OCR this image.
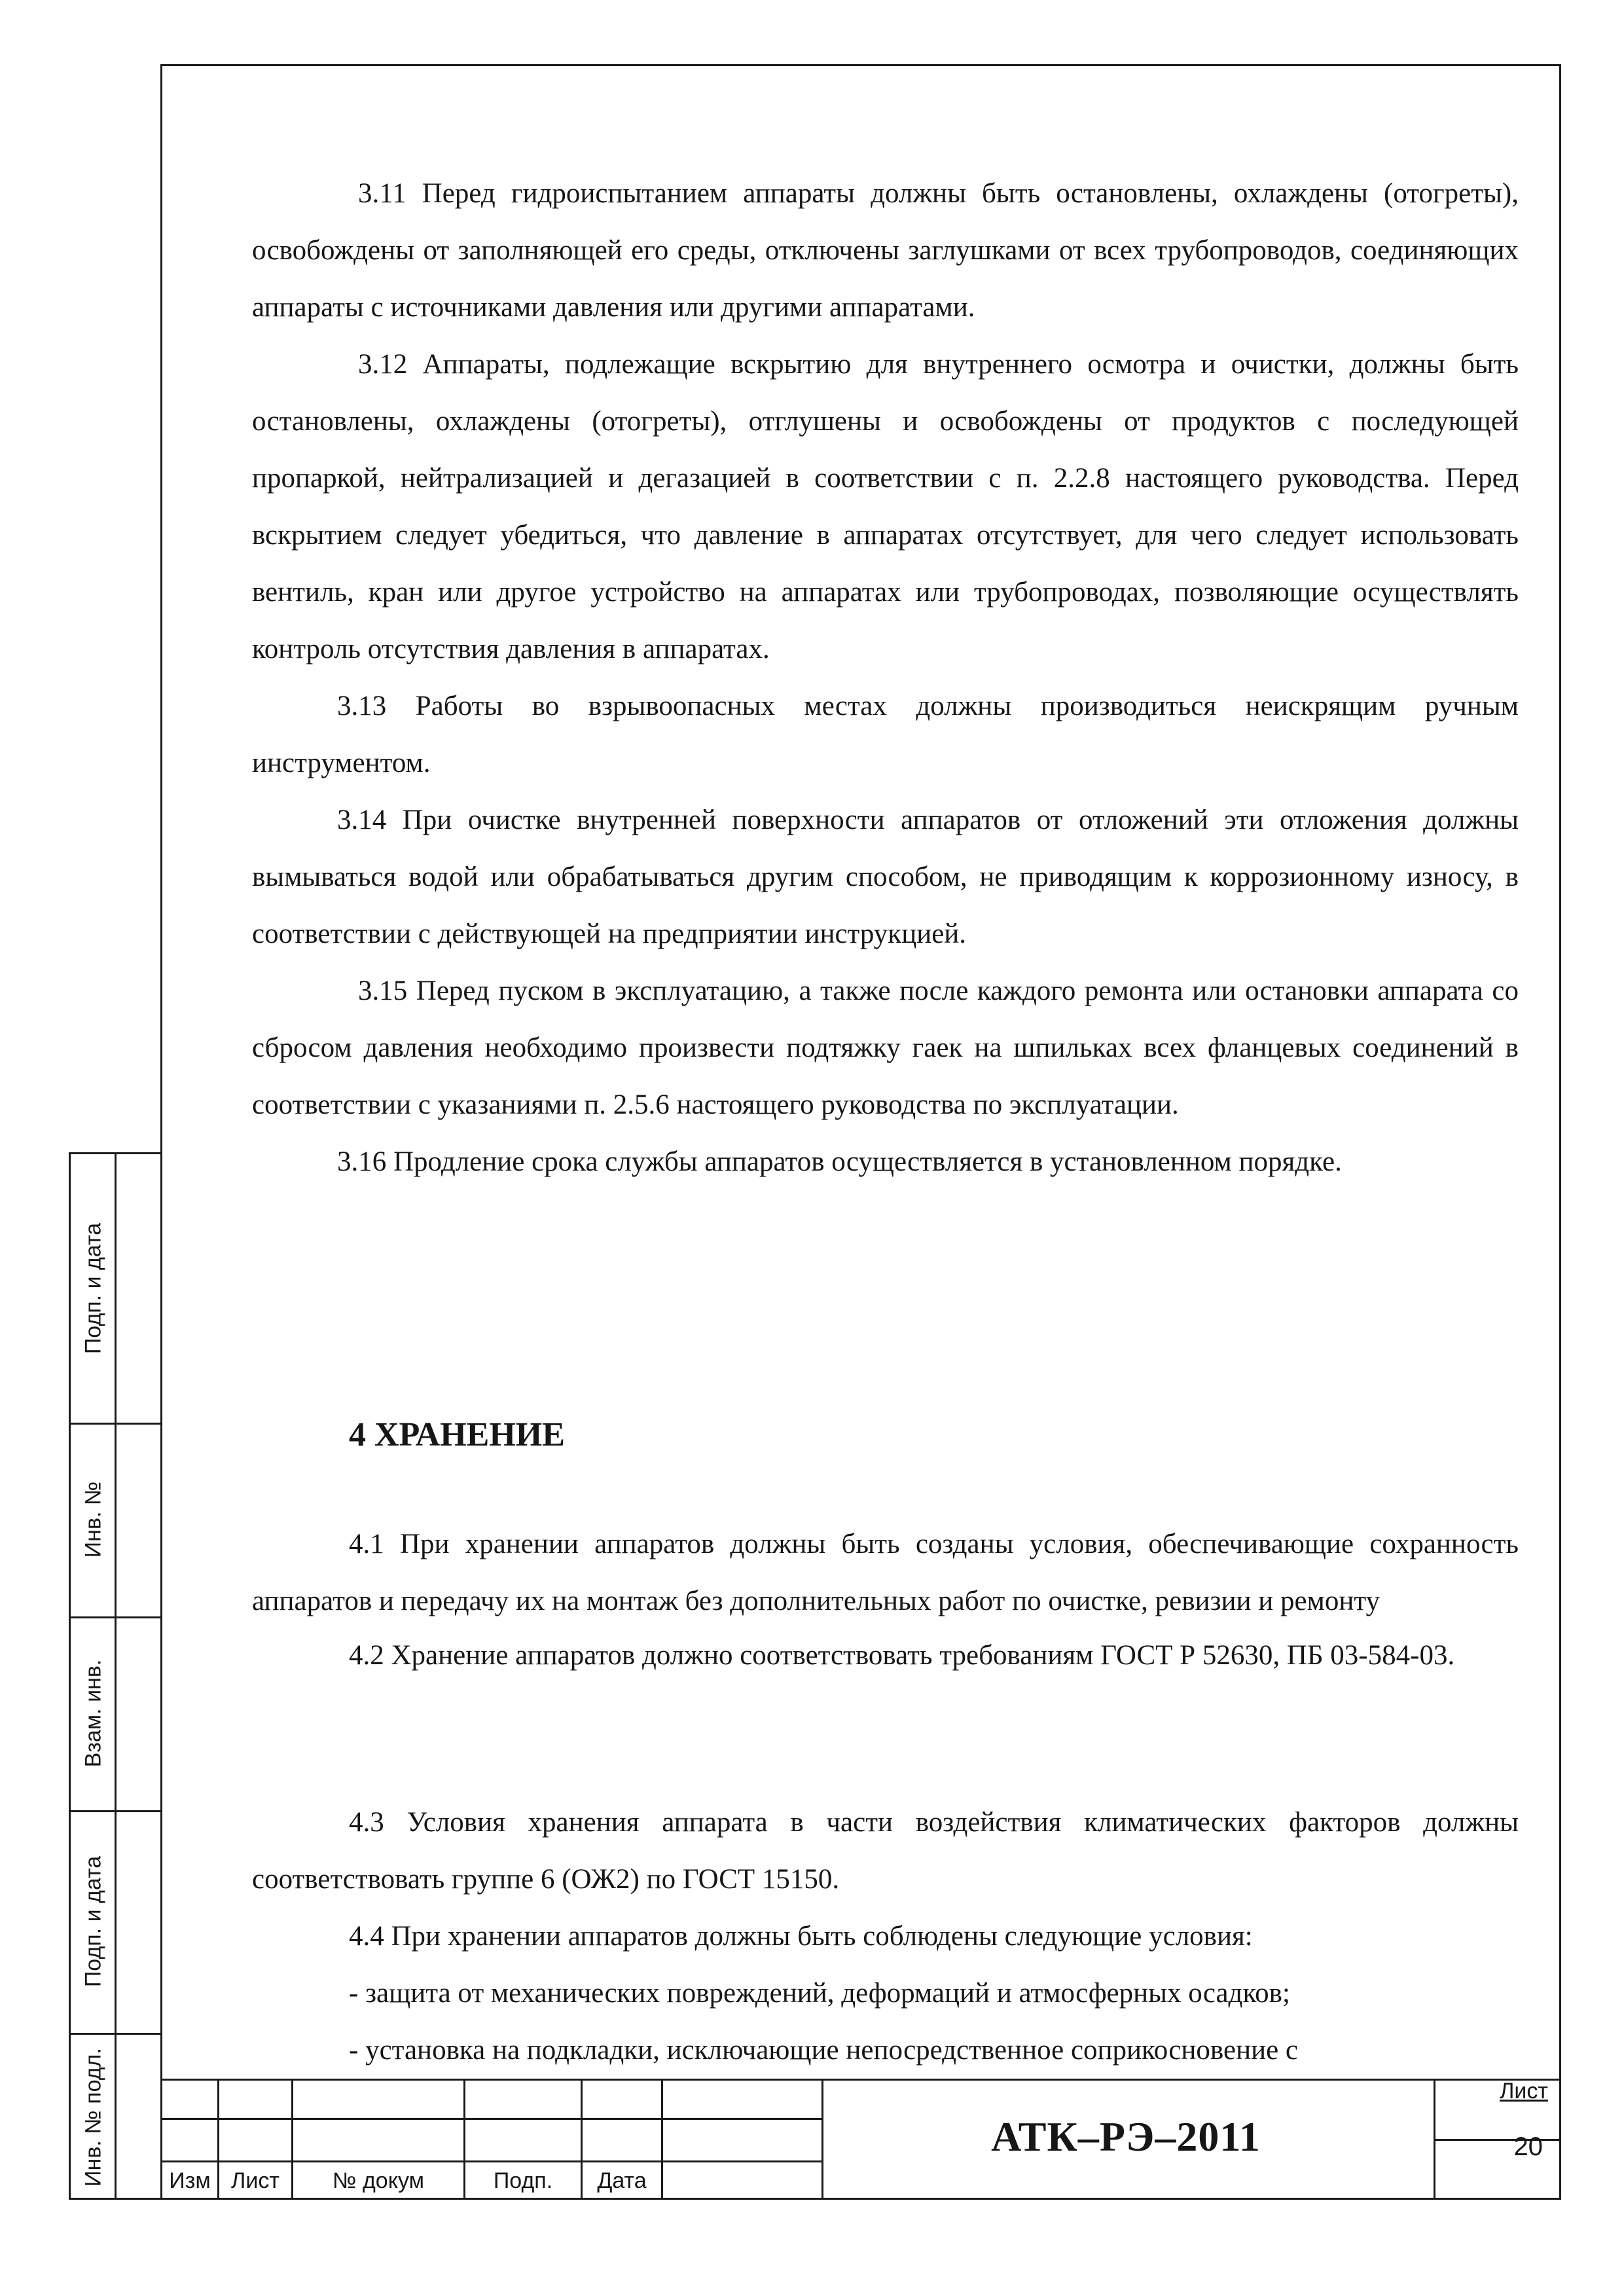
3.11 Перед гидроиспытанием аппараты должны быть остановлены, охлаждены (отогреты), освобождены от заполняющей его среды, отключены заглушками от всех трубопроводов, соединяющих аппараты с источниками давления или другими аппаратами.

3.12 Аппараты, подлежащие вскрытию для внутреннего осмотра и очистки, должны быть остановлены, охлаждены (отогреты), отглушены и освобождены от продуктов с последующей пропаркой, нейтрализацией и дегазацией в соответствии с п. 2.2.8 настоящего руководства. Перед вскрытием следует убедиться, что давление в аппаратах отсутствует, для чего следует использовать вентиль, кран или другое устройство на аппаратах или трубопроводах, позволяющие осуществлять контроль отсутствия давления в аппаратах.

3.13 Работы во взрывоопасных местах должны производиться неискрящим ручным инструментом.

3.14 При очистке внутренней поверхности аппаратов от отложений эти отложения должны вымываться водой или обрабатываться другим способом, не приводящим к коррозионному износу, в соответствии с действующей на предприятии инструкцией.

3.15 Перед пуском в эксплуатацию, а также после каждого ремонта или остановки аппарата со сбросом давления необходимо произвести подтяжку гаек на шпильках всех фланцевых соединений в соответствии с указаниями п. 2.5.6 настоящего руководства по эксплуатации.

3.16 Продление срока службы аппаратов осуществляется в установленном порядке.

4 ХРАНЕНИЕ

4.1 При хранении аппаратов должны быть созданы условия, обеспечивающие сохранность аппаратов и передачу их на монтаж без дополнительных работ по очистке, ревизии и ремонту

4.2 Хранение аппаратов должно соответствовать требованиям ГОСТ Р 52630, ПБ 03-584-03.

4.3 Условия хранения аппарата в части воздействия климатических факторов должны соответствовать группе 6 (ОЖ2) по ГОСТ 15150.

4.4 При хранении аппаратов должны быть соблюдены следующие условия:

- защита от механических повреждений, деформаций и атмосферных осадков;

- установка на подкладки, исключающие непосредственное соприкосновение с

Подп. и дата
Инв. №
Взам. инв.
Подп. и дата
Инв. № подл.	Изм Лист	№ докум	Подп.	Дата
АТК–РЭ–2011
Лист
20
